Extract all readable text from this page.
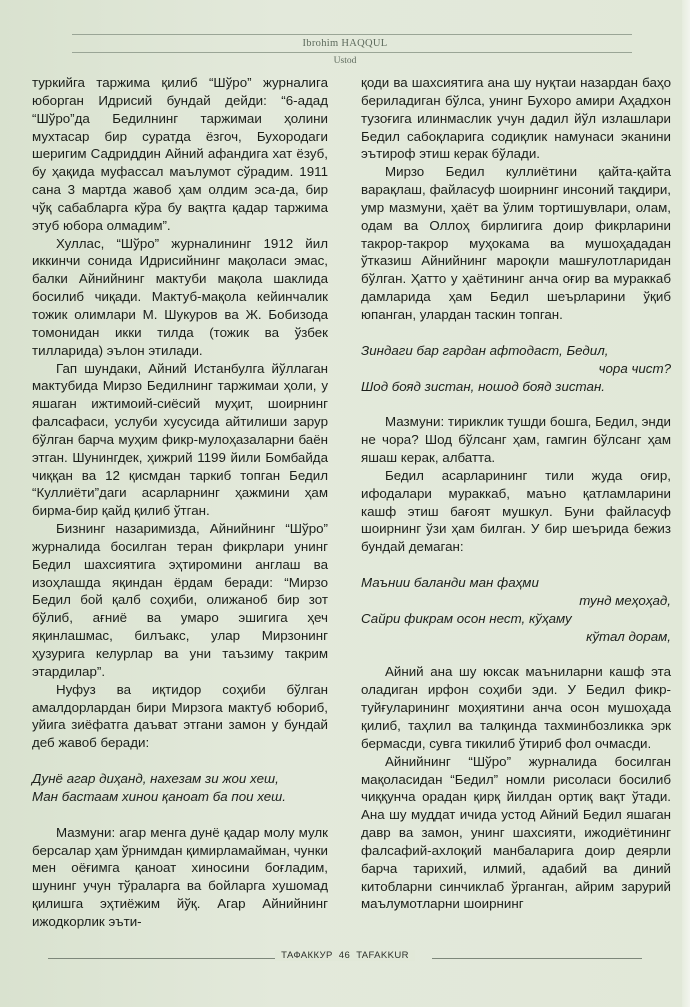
Ibrohim HAQQUL
Ustod

туркийга таржима қилиб “Шўро” журналига юборган Идрисий бундай дейди: “6-адад “Шўро”да Бедилнинг таржимаи ҳолини мухтасар бир суратда ёзгоч, Бухородаги шеригим Садриддин Айний афандига хат ёзуб, бу ҳақида муфассал маълумот сўрадим. 1911 сана 3 мартда жавоб ҳам олдим эса-да, бир чўқ сабабларга кўра бу вақтга қадар таржима этуб юбора олмадим”.

Хуллас, “Шўро” журналининг 1912 йил иккинчи сонида Идрисийнинг мақоласи эмас, балки Айнийнинг мактуби мақола шаклида босилиб чиқади. Мактуб-мақола кейинчалик тожик олимлари М. Шукуров ва Ж. Бобизода томонидан икки тилда (тожик ва ўзбек тилларида) эълон этилади.

Гап шундаки, Айний Истанбулга йўллаган мактубида Мирзо Бедилнинг таржимаи ҳоли, у яшаган ижтимоий-сиёсий муҳит, шоирнинг фалсафаси, услуби хусусида айтилиши зарур бўлган барча муҳим фикр-мулоҳазаларни баён этган. Шунингдек, ҳижрий 1199 йили Бомбайда чиққан ва 12 қисмдан таркиб топган Бедил “Куллиёти”даги асарларнинг ҳажмини ҳам бирма-бир қайд қилиб ўтган.

Бизнинг назаримизда, Айнийнинг “Шўро” журналида босилган теран фикрлари унинг Бедил шахсиятига эҳтиромини англаш ва изоҳлашда яқиндан ёрдам беради: “Мирзо Бедил бой қалб соҳиби, олижаноб бир зот бўлиб, ағниё ва умаро эшигига ҳеч яқинлашмас, билъакс, улар Мирзонинг ҳузурига келурлар ва уни таъзиму такрим этардилар”.

Нуфуз ва иқтидор соҳиби бўлган амалдорлардан бири Мирзога мактуб юбориб, уйига зиёфатга даъват этгани замон у бундай деб жавоб беради:

Дунё агар диҳанд, нахезам зи жои хеш,

Ман бастаам хинои қаноат ба пои хеш.

Мазмуни: агар менга дунё қадар молу мулк берсалар ҳам ўрнимдан қимирламайман, чунки мен оёғимга қаноат хиносини боғладим, шунинг учун тўраларга ва бойларга хушомад қилишга эҳтиёжим йўқ. Агар Айнийнинг ижодкорлик эъти-

қоди ва шахсиятига ана шу нуқтаи назардан баҳо бериладиган бўлса, унинг Бухоро амири Аҳадхон тузоғига илинмаслик учун дадил йўл излашлари Бедил сабоқларига содиқлик намунаси эканини эътироф этиш керак бўлади.

Мирзо Бедил куллиётини қайта-қайта варақлаш, файласуф шоирнинг инсоний тақдири, умр мазмуни, ҳаёт ва ўлим тортишувлари, олам, одам ва Оллоҳ бирлигига доир фикрларини такрор-такрор муҳокама ва мушоҳададан ўтказиш Айнийнинг мароқли машғулотларидан бўлган. Ҳатто у ҳаётининг анча оғир ва мураккаб дамларида ҳам Бедил шеърларини ўқиб юпанган, улардан таскин топган.

Зиндаги бар гардан афтодаст, Бедил,

чора чист?

Шод бояд зистан, ношод бояд зистан.

Мазмуни: тириклик тушди бошга, Бедил, энди не чора? Шод бўлсанг ҳам, гамгин бўлсанг ҳам яшаш керак, албатта.

Бедил асарларининг тили жуда оғир, ифодалари мураккаб, маъно қатламларини кашф этиш бағоят мушкул. Буни файласуф шоирнинг ўзи ҳам билган. У бир шеърида бежиз бундай демаган:

Маънии баланди ман фаҳми

тунд меҳоҳад,

Сайри фикрам осон нест, кўҳаму

кўтал дорам,

Айний ана шу юксак маъниларни кашф эта оладиган ирфон соҳиби эди. У Бедил фикр-туйғуларининг моҳиятини анча осон мушоҳада қилиб, таҳлил ва талқинда тахминбозликка эрк бермасди, сувга тикилиб ўтириб фол очмасди.

Айнийнинг “Шўро” журналида босилган мақоласидан “Бедил” номли рисоласи босилиб чиққунча орадан қирқ йилдан ортиқ вақт ўтади. Ана шу муддат ичида устод Айний Бедил яшаган давр ва замон, унинг шахсияти, ижодиётининг фалсафий-ахлоқий манбаларига доир деярли барча тарихий, илмий, адабий ва диний китобларни синчиклаб ўрганган, айрим зарурий маълумотларни шоирнинг

ТАФАККУР 46 TAFAKKUR
